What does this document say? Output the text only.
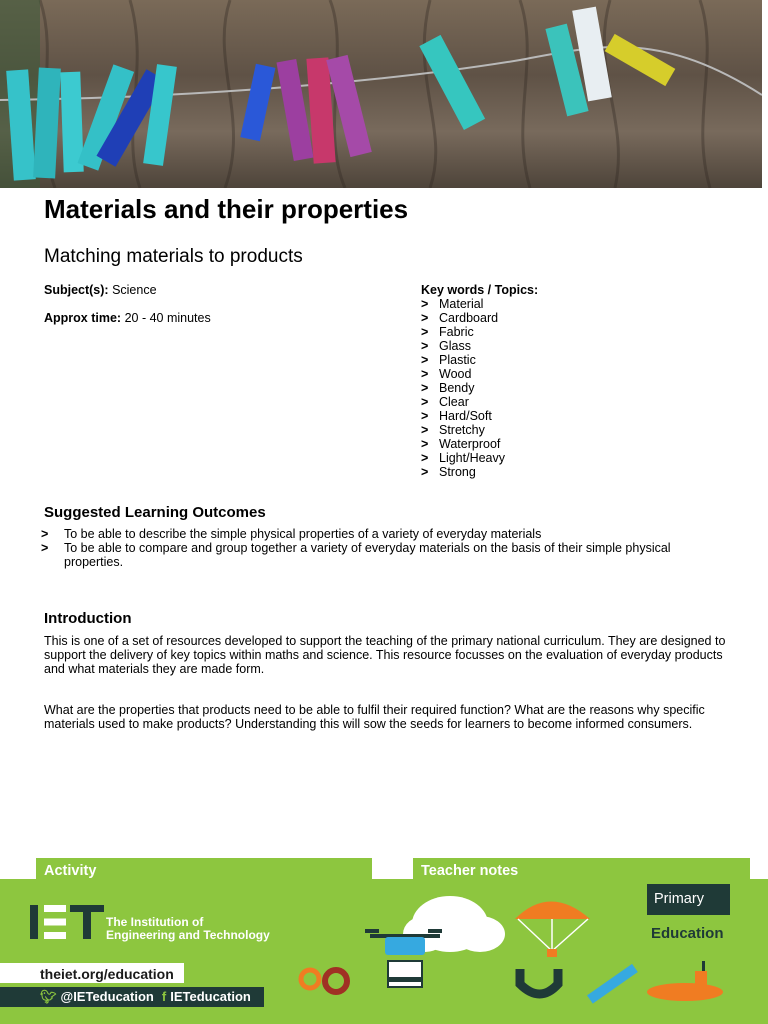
Materials and their properties
Matching materials to products
Subject(s): Science
Approx time: 20 - 40 minutes
Key words / Topics:
> Material
> Cardboard
> Fabric
> Glass
> Plastic
> Wood
> Bendy
> Clear
> Hard/Soft
> Stretchy
> Waterproof
> Light/Heavy
> Strong
Suggested Learning Outcomes
> To be able to describe the simple physical properties of a variety of everyday materials
> To be able to compare and group together a variety of everyday materials on the basis of their simple physical properties.
Introduction

This is one of a set of resources developed to support the teaching of the primary national curriculum. They are designed to support the delivery of key topics within maths and science. This resource focusses on the evaluation of everyday products and what materials they are made form.

What are the properties that products need to be able to fulfil their required function? What are the reasons why specific materials used to make products? Understanding this will sow the seeds for learners to become informed consumers.

Activity	Teacher notes
The Institution of
Engineering and Technology
theiet.org/education
🐦︎ @IETeducation f IETeducation
Primary
Education
